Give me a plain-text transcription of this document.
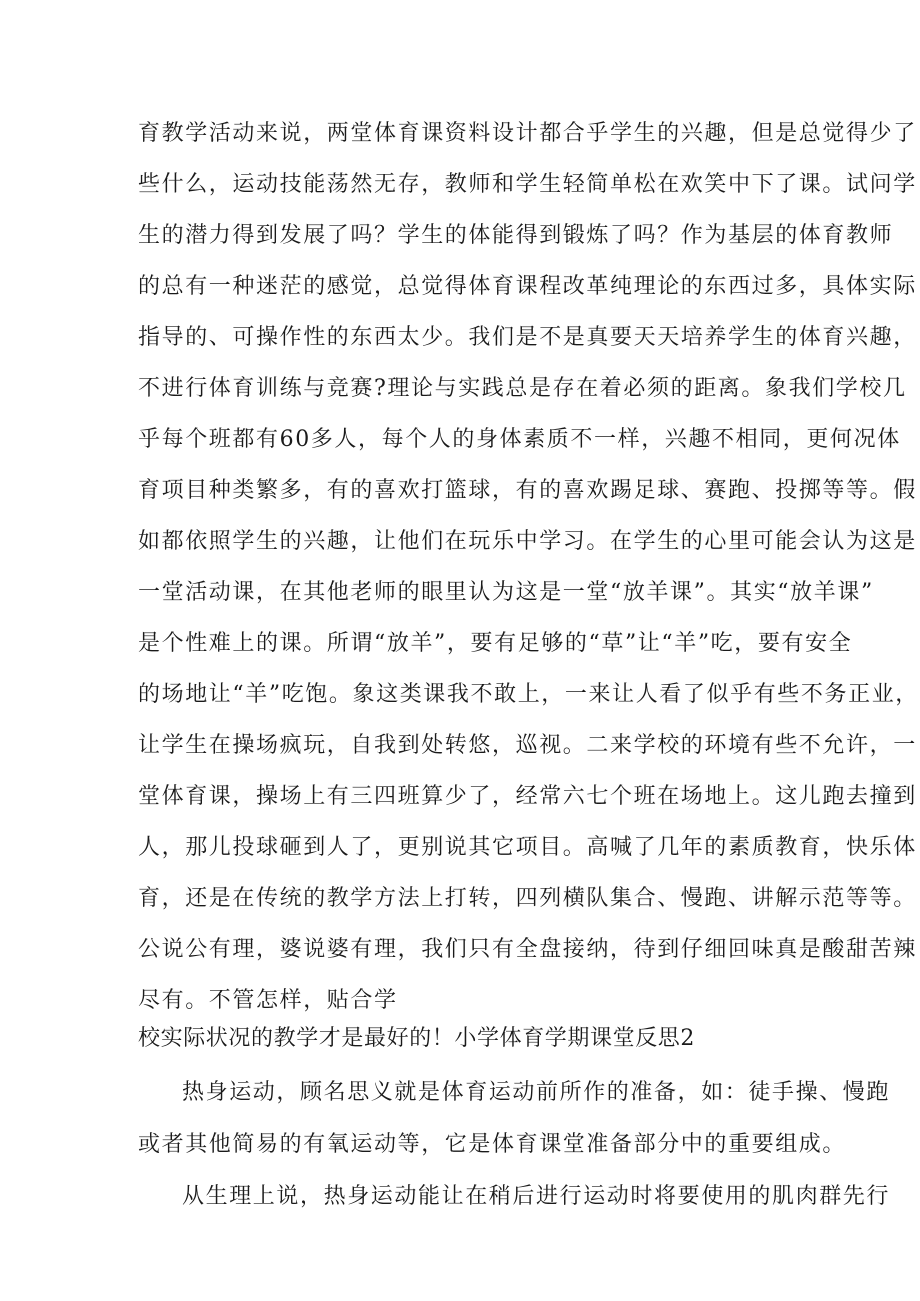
育教学活动来说，两堂体育课资料设计都合乎学生的兴趣，但是总觉得少了
些什么，运动技能荡然无存，教师和学生轻简单松在欢笑中下了课。试问学
生的潜力得到发展了吗？学生的体能得到锻炼了吗？作为基层的体育教师
的总有一种迷茫的感觉，总觉得体育课程改革纯理论的东西过多，具体实际
指导的、可操作性的东西太少。我们是不是真要天天培养学生的体育兴趣，
不进行体育训练与竞赛?理论与实践总是存在着必须的距离。象我们学校几
乎每个班都有60多人，每个人的身体素质不一样，兴趣不相同，更何况体
育项目种类繁多，有的喜欢打篮球，有的喜欢踢足球、赛跑、投掷等等。假
如都依照学生的兴趣，让他们在玩乐中学习。在学生的心里可能会认为这是
一堂活动课，在其他老师的眼里认为这是一堂“放羊课”。其实“放羊课”
是个性难上的课。所谓“放羊”，要有足够的“草”让“羊”吃，要有安全
的场地让“羊”吃饱。象这类课我不敢上，一来让人看了似乎有些不务正业，
让学生在操场疯玩，自我到处转悠，巡视。二来学校的环境有些不允许，一
堂体育课，操场上有三四班算少了，经常六七个班在场地上。这儿跑去撞到
人，那儿投球砸到人了，更别说其它项目。高喊了几年的素质教育，快乐体
育，还是在传统的教学方法上打转，四列横队集合、慢跑、讲解示范等等。
公说公有理，婆说婆有理，我们只有全盘接纳，待到仔细回味真是酸甜苦辣
尽有。不管怎样，贴合学
校实际状况的教学才是最好的！小学体育学期课堂反思2
热身运动，顾名思义就是体育运动前所作的准备，如：徒手操、慢跑
或者其他简易的有氧运动等，它是体育课堂准备部分中的重要组成。
从生理上说，热身运动能让在稍后进行运动时将要使用的肌肉群先行
